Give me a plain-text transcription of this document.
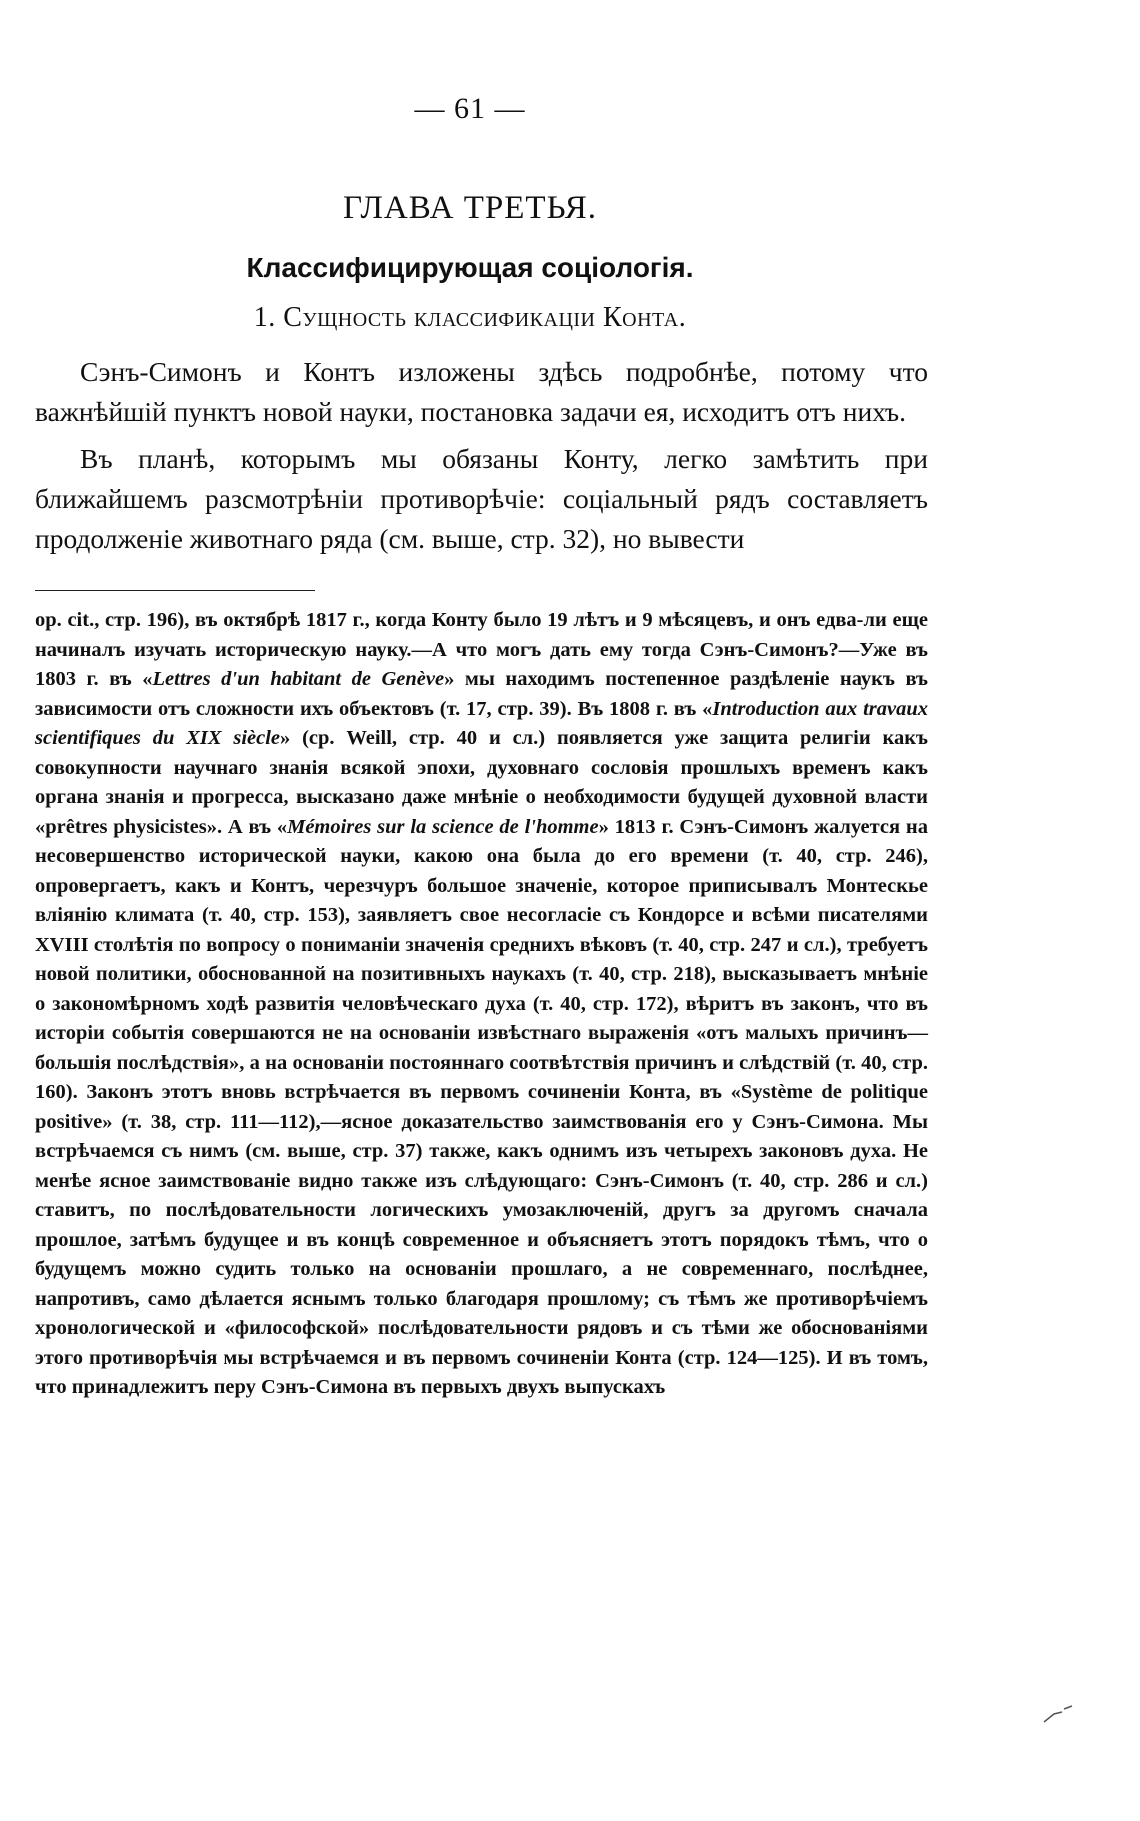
— 61 —
ГЛАВА ТРЕТЬЯ.
Классифицирующая соціологія.
1. Сущность классификаціи Конта.

Сэнъ-Симонъ и Контъ изложены здѣсь подробнѣе, потому что важнѣйшій пунктъ новой науки, постановка задачи ея, исходитъ отъ нихъ.

Въ планѣ, которымъ мы обязаны Конту, легко замѣтить при ближайшемъ разсмотрѣніи противорѣчіе: соціальный рядъ составляетъ продолженіе животнаго ряда (см. выше, стр. 32), но вывести

op. cit., стр. 196), въ октябрѣ 1817 г., когда Конту было 19 лѣтъ и 9 мѣсяцевъ, и онъ едва-ли еще начиналъ изучать историческую науку.—А что могъ дать ему тогда Сэнъ-Симонъ?—Уже въ 1803 г. въ «Lettres d'un habitant de Genève» мы находимъ постепенное раздѣленіе наукъ въ зависимости отъ сложности ихъ объектовъ (т. 17, стр. 39). Въ 1808 г. въ «Introduction aux travaux scientifiques du XIX siècle» (ср. Weill, стр. 40 и сл.) появляется уже защита религіи какъ совокупности научнаго знанія всякой эпохи, духовнаго сословія прошлыхъ временъ какъ органа знанія и прогресса, высказано даже мнѣніе о необходимости будущей духовной власти «prêtres physicistes». А въ «Mémoires sur la science de l'homme» 1813 г. Сэнъ-Симонъ жалуется на несовершенство исторической науки, какою она была до его времени (т. 40, стр. 246), опровергаетъ, какъ и Контъ, черезчуръ большое значеніе, которое приписывалъ Монтескье вліянію климата (т. 40, стр. 153), заявляетъ свое несогласіе съ Кондорсе и всѣми писателями XVIII столѣтія по вопросу о пониманіи значенія среднихъ вѣковъ (т. 40, стр. 247 и сл.), требуетъ новой политики, обоснованной на позитивныхъ наукахъ (т. 40, стр. 218), высказываетъ мнѣніе о закономѣрномъ ходѣ развитія человѣческаго духа (т. 40, стр. 172), вѣритъ въ законъ, что въ исторіи событія совершаются не на основаніи извѣстнаго выраженія «отъ малыхъ причинъ—большія послѣдствія», а на основаніи постояннаго соотвѣтствія причинъ и слѣдствій (т. 40, стр. 160). Законъ этотъ вновь встрѣчается въ первомъ сочиненіи Конта, въ «Système de politique positive» (т. 38, стр. 111—112),—ясное доказательство заимствованія его у Сэнъ-Симона. Мы встрѣчаемся съ нимъ (см. выше, стр. 37) также, какъ однимъ изъ четырехъ законовъ духа. Не менѣе ясное заимствованіе видно также изъ слѣдующаго: Сэнъ-Симонъ (т. 40, стр. 286 и сл.) ставитъ, по послѣдовательности логическихъ умозаключеній, другъ за другомъ сначала прошлое, затѣмъ будущее и въ концѣ современное и объясняетъ этотъ порядокъ тѣмъ, что о будущемъ можно судить только на основаніи прошлаго, а не современнаго, послѣднее, напротивъ, само дѣлается яснымъ только благодаря прошлому; съ тѣмъ же противорѣчіемъ хронологической и «философской» послѣдовательности рядовъ и съ тѣми же обоснованіями этого противорѣчія мы встрѣчаемся и въ первомъ сочиненіи Конта (стр. 124—125). И въ томъ, что принадлежитъ перу Сэнъ-Симона въ первыхъ двухъ выпускахъ
